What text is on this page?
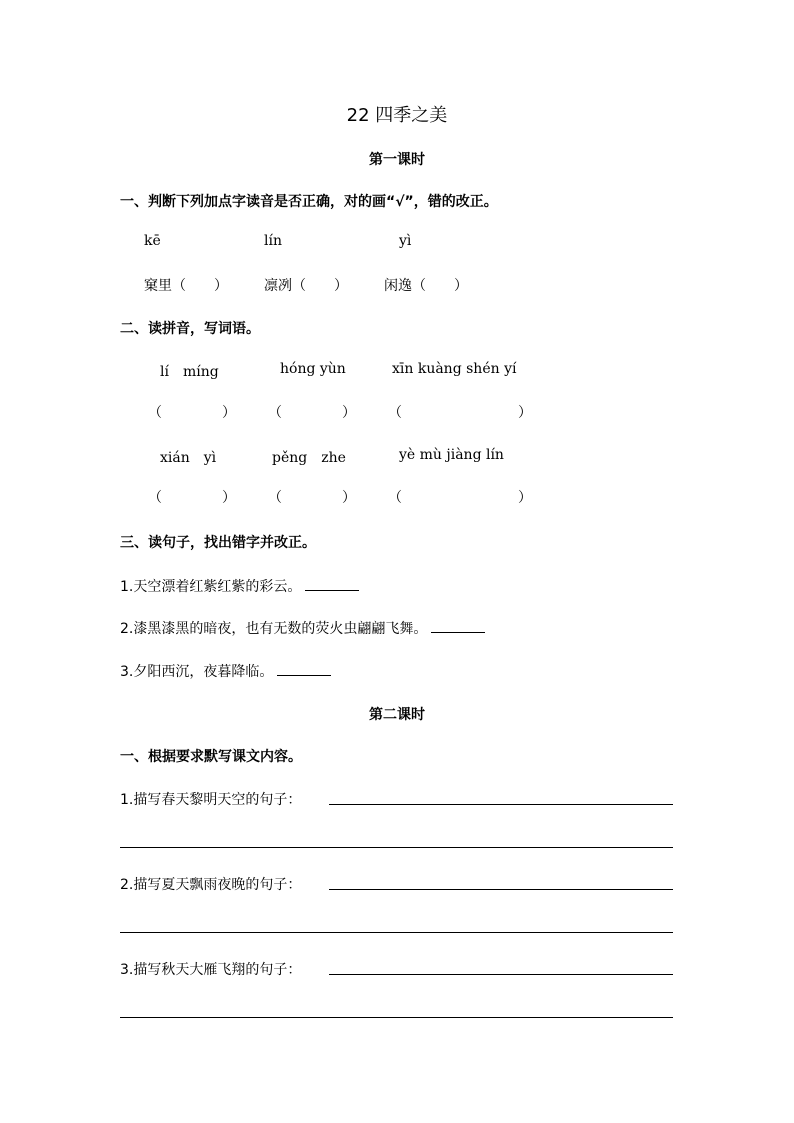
22 四季之美
第一课时
一、判断下列加点字读音是否正确，对的画“√”，错的改正。
kē	lín	yì
窠里（　　）	凛冽（　　）	闲逸（　　）
二、读拼音，写词语。
lí　míng	hóng yùn	xīn kuàng shén yí
（	） （	） （	）
xián　yì	pěng　zhe	yè mù jiàng lín
（	） （	） （	）
三、读句子，找出错字并改正。
1.天空漂着红紫红紫的彩云。
2.漆黑漆黑的暗夜，也有无数的荧火虫翩翩飞舞。
3.夕阳西沉，夜暮降临。
第二课时
一、根据要求默写课文内容。
1.描写春天黎明天空的句子：
2.描写夏天飘雨夜晚的句子：
3.描写秋天大雁飞翔的句子：
